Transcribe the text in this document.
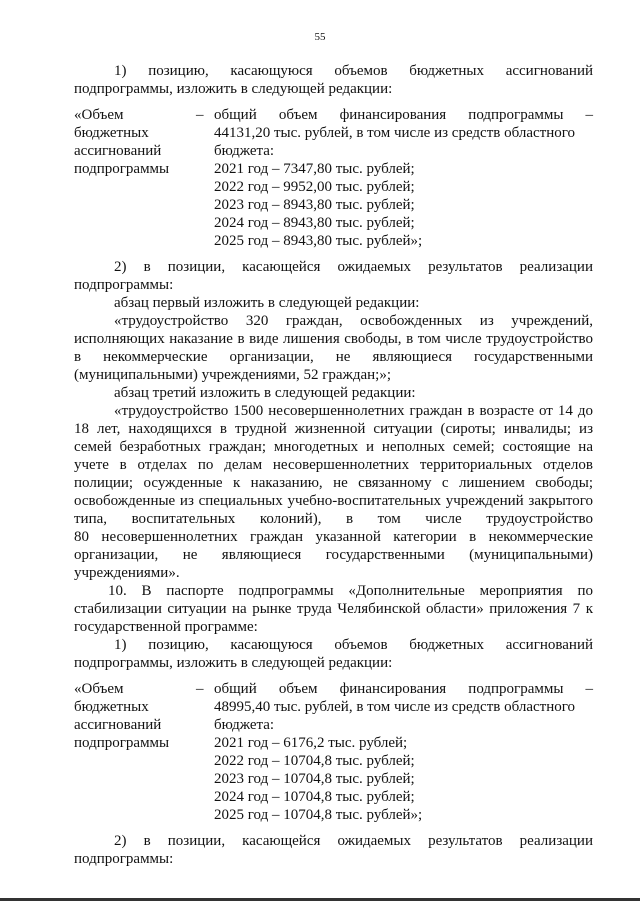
55

1) позицию, касающуюся объемов бюджетных ассигнований

подпрограммы, изложить в следующей редакции:

«Объем
бюджетных
ассигнований
подпрограммы
– общий объем финансирования подпрограммы –
44131,20 тыс. рублей, в том числе из средств областного
бюджета:
2021 год – 7347,80 тыс. рублей;
2022 год – 9952,00 тыс. рублей;
2023 год – 8943,80 тыс. рублей;
2024 год – 8943,80 тыс. рублей;
2025 год – 8943,80 тыс. рублей»;

2) в позиции, касающейся ожидаемых результатов реализации

подпрограммы:

абзац первый изложить в следующей редакции:

«трудоустройство 320 граждан, освобожденных из учреждений,

исполняющих наказание в виде лишения свободы, в том числе трудоустройство

в некоммерческие организации, не являющиеся государственными

(муниципальными) учреждениями, 52 граждан;»;

абзац третий изложить в следующей редакции:

«трудоустройство 1500 несовершеннолетних граждан в возрасте от 14 до

18 лет, находящихся в трудной жизненной ситуации (сироты; инвалиды; из

семей безработных граждан; многодетных и неполных семей; состоящие на

учете в отделах по делам несовершеннолетних территориальных отделов

полиции; осужденные к наказанию, не связанному с лишением свободы;

освобожденные из специальных учебно-воспитательных учреждений закрытого

типа, воспитательных колоний), в том числе трудоустройство

80 несовершеннолетних граждан указанной категории в некоммерческие

организации, не являющиеся государственными (муниципальными)

учреждениями».

10. В паспорте подпрограммы «Дополнительные мероприятия по

стабилизации ситуации на рынке труда Челябинской области» приложения 7 к

государственной программе:

1) позицию, касающуюся объемов бюджетных ассигнований

подпрограммы, изложить в следующей редакции:

«Объем
бюджетных
ассигнований
подпрограммы
– общий объем финансирования подпрограммы –
48995,40 тыс. рублей, в том числе из средств областного
бюджета:
2021 год – 6176,2 тыс. рублей;
2022 год – 10704,8 тыс. рублей;
2023 год – 10704,8 тыс. рублей;
2024 год – 10704,8 тыс. рублей;
2025 год – 10704,8 тыс. рублей»;

2) в позиции, касающейся ожидаемых результатов реализации

подпрограммы:
